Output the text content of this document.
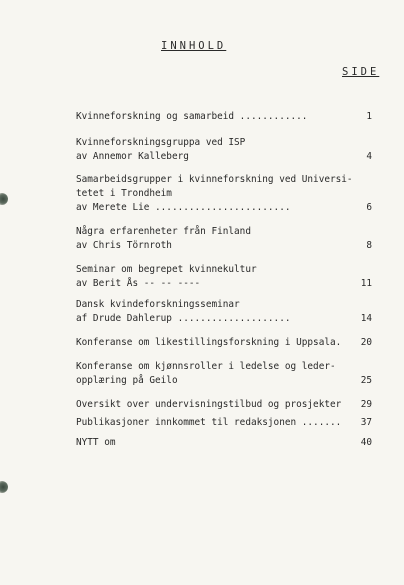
INNHOLD
SIDE
Kvinneforskning og samarbeid ............	1
Kvinneforskningsgruppa ved ISP
av Annemor Kalleberg	4
Samarbeidsgrupper i kvinneforskning ved Universi-
tetet i Trondheim
av Merete Lie ........................	6
Några erfarenheter från Finland
av Chris Törnroth	8
Seminar om begrepet kvinnekultur
av Berit Ås -- -- ----	11
Dansk kvindeforskningsseminar
af Drude Dahlerup ....................	14
Konferanse om likestillingsforskning i Uppsala.	20
Konferanse om kjønnsroller i ledelse og leder-
opplæring på Geilo	25
Oversikt over undervisningstilbud og prosjekter	29
Publikasjoner innkommet til redaksjonen .......	37
NYTT om	40
